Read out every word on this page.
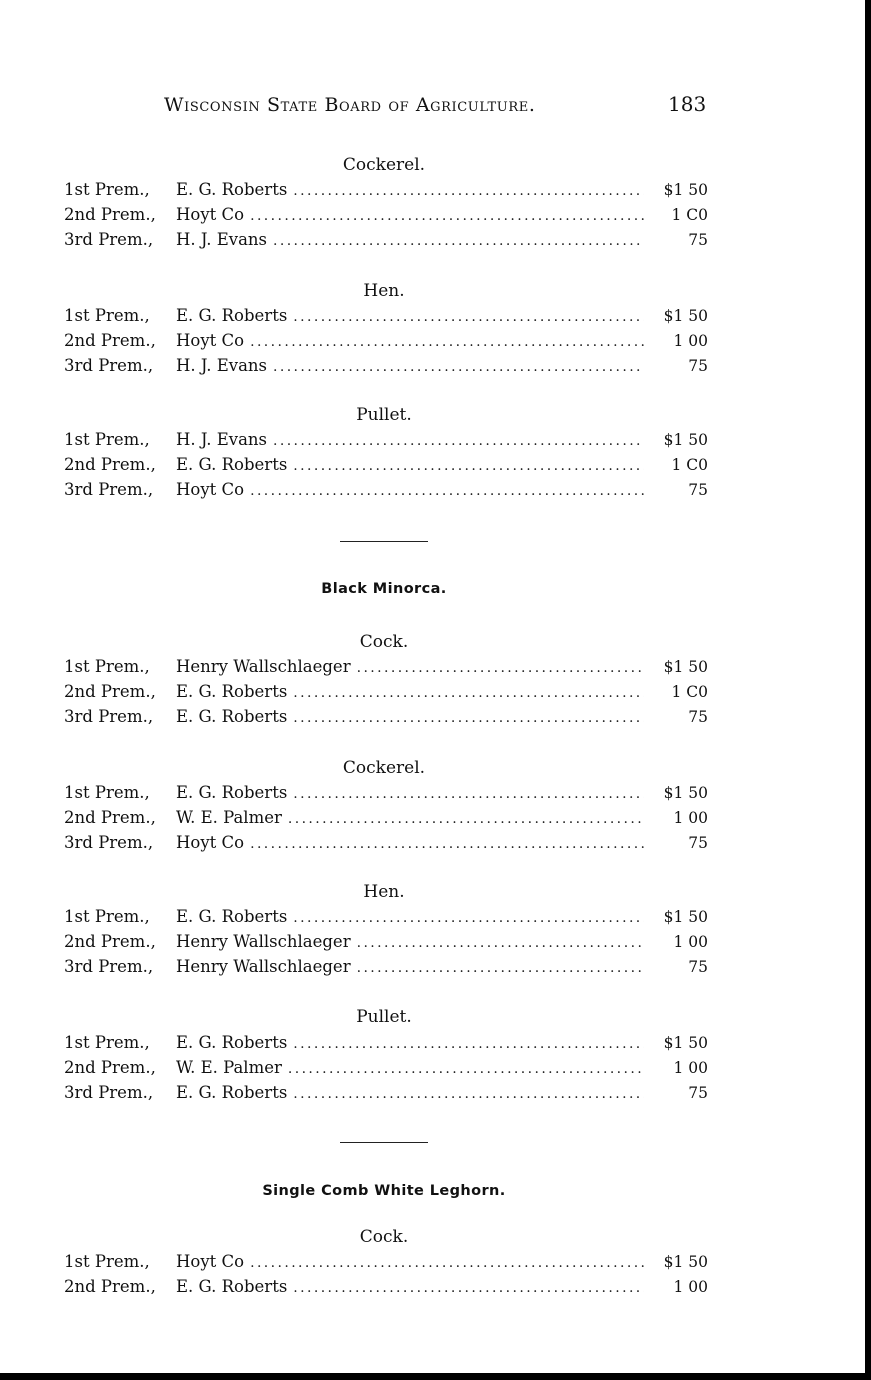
Wisconsin State Board of Agriculture.	183
Cockerel.
1st Prem.,	E. G. Roberts .....	$1 50
2nd Prem.,	Hoyt Co .....	1 C0
3rd Prem.,	H. J. Evans .....	75
Hen.
1st Prem.,	E. G. Roberts .....	$1 50
2nd Prem.,	Hoyt Co .....	1 00
3rd Prem.,	H. J. Evans .....	75
Pullet.
1st Prem.,	H. J. Evans .....	$1 50
2nd Prem.,	E. G. Roberts .....	1 C0
3rd Prem.,	Hoyt Co .....	75
Black Minorca.
Cock.
1st Prem.,	Henry Wallschlaeger .....	$1 50
2nd Prem.,	E. G. Roberts .....	1 C0
3rd Prem.,	E. G. Roberts .....	75
Cockerel.
1st Prem.,	E. G. Roberts .....	$1 50
2nd Prem.,	W. E. Palmer .....	1 00
3rd Prem.,	Hoyt Co .....	75
Hen.
1st Prem.,	E. G. Roberts .....	$1 50
2nd Prem.,	Henry Wallschlaeger .....	1 00
3rd Prem.,	Henry Wallschlaeger .....	75
Pullet.
1st Prem.,	E. G. Roberts .....	$1 50
2nd Prem.,	W. E. Palmer .....	1 00
3rd Prem.,	E. G. Roberts .....	75
Single Comb White Leghorn.
Cock.
1st Prem.,	Hoyt Co .....	$1 50
2nd Prem.,	E. G. Roberts .....	1 00
